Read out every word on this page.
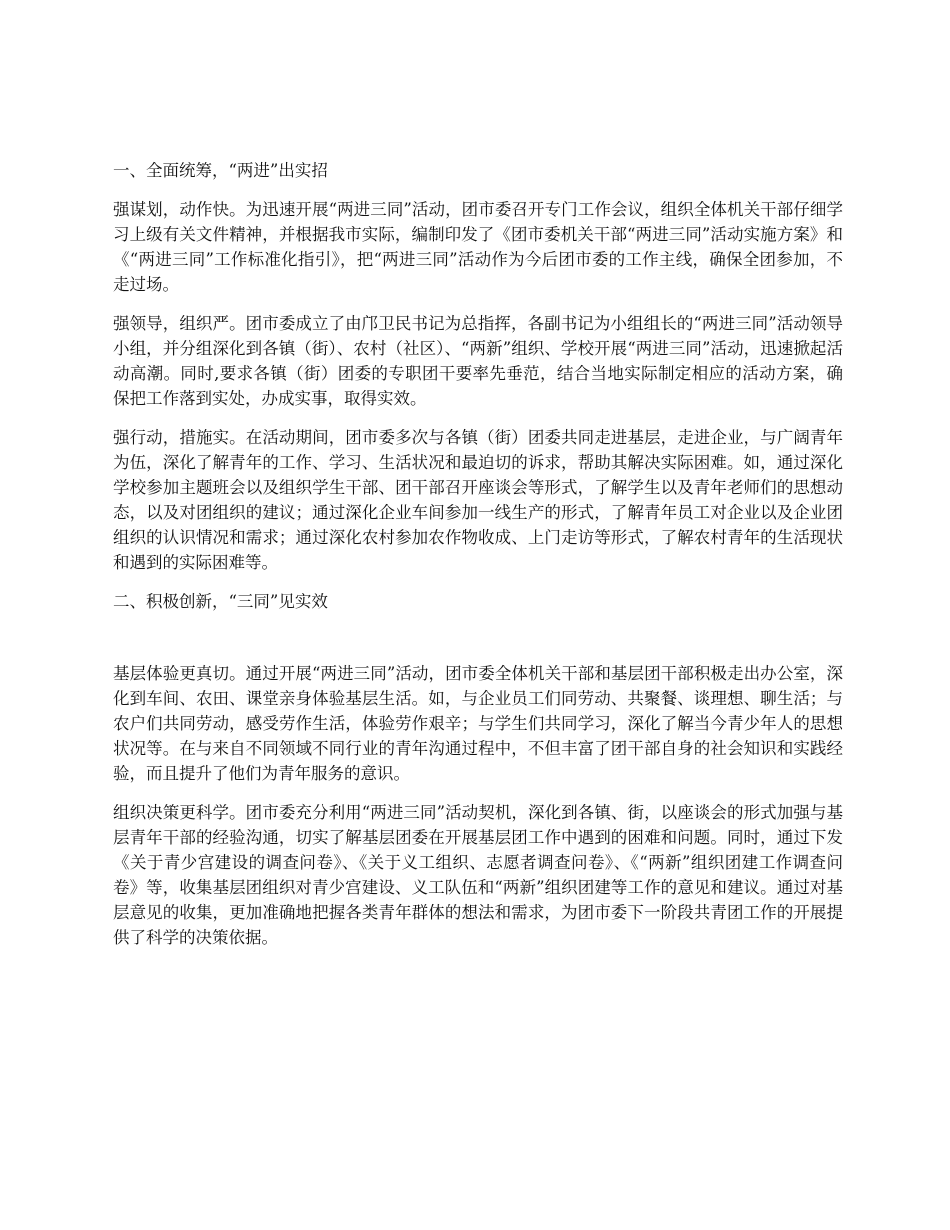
一、全面统筹，“两进”出实招

强谋划，动作快。为迅速开展“两进三同”活动，团市委召开专门工作会议，组织全体机关干部仔细学习上级有关文件精神，并根据我市实际，编制印发了《团市委机关干部“两进三同”活动实施方案》和《“两进三同”工作标准化指引》，把“两进三同”活动作为今后团市委的工作主线，确保全团参加，不走过场。

强领导，组织严。团市委成立了由邝卫民书记为总指挥，各副书记为小组组长的“两进三同”活动领导小组，并分组深化到各镇（街）、农村（社区）、“两新”组织、学校开展“两进三同”活动，迅速掀起活动高潮。同时,要求各镇（街）团委的专职团干要率先垂范，结合当地实际制定相应的活动方案，确保把工作落到实处，办成实事，取得实效。

强行动，措施实。在活动期间，团市委多次与各镇（街）团委共同走进基层，走进企业，与广阔青年为伍，深化了解青年的工作、学习、生活状况和最迫切的诉求，帮助其解决实际困难。如，通过深化学校参加主题班会以及组织学生干部、团干部召开座谈会等形式，了解学生以及青年老师们的思想动态，以及对团组织的建议；通过深化企业车间参加一线生产的形式，了解青年员工对企业以及企业团组织的认识情况和需求；通过深化农村参加农作物收成、上门走访等形式，了解农村青年的生活现状和遇到的实际困难等。

二、积极创新，“三同”见实效

基层体验更真切。通过开展“两进三同”活动，团市委全体机关干部和基层团干部积极走出办公室，深化到车间、农田、课堂亲身体验基层生活。如，与企业员工们同劳动、共聚餐、谈理想、聊生活；与农户们共同劳动，感受劳作生活，体验劳作艰辛；与学生们共同学习，深化了解当今青少年人的思想状况等。在与来自不同领域不同行业的青年沟通过程中，不但丰富了团干部自身的社会知识和实践经验，而且提升了他们为青年服务的意识。

组织决策更科学。团市委充分利用“两进三同”活动契机，深化到各镇、街，以座谈会的形式加强与基层青年干部的经验沟通，切实了解基层团委在开展基层团工作中遇到的困难和问题。同时，通过下发《关于青少宫建设的调查问卷》、《关于义工组织、志愿者调查问卷》、《“两新”组织团建工作调查问卷》等，收集基层团组织对青少宫建设、义工队伍和“两新”组织团建等工作的意见和建议。通过对基层意见的收集，更加准确地把握各类青年群体的想法和需求，为团市委下一阶段共青团工作的开展提供了科学的决策依据。
